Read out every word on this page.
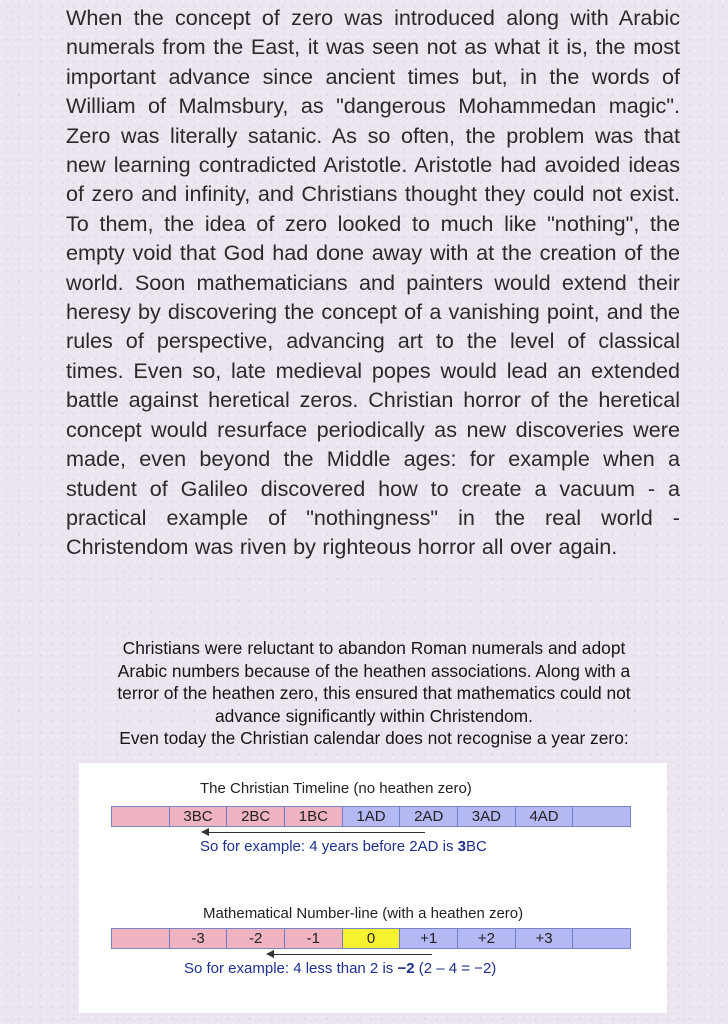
When the concept of zero was introduced along with Arabic numerals from the East, it was seen not as what it is, the most important advance since ancient times but, in the words of William of Malmsbury, as "dangerous Mohammedan magic". Zero was literally satanic. As so often, the problem was that new learning contradicted Aristotle. Aristotle had avoided ideas of zero and infinity, and Christians thought they could not exist. To them, the idea of zero looked to much like "nothing", the empty void that God had done away with at the creation of the world. Soon mathematicians and painters would extend their heresy by discovering the concept of a vanishing point, and the rules of perspective, advancing art to the level of classical times. Even so, late medieval popes would lead an extended battle against heretical zeros. Christian horror of the heretical concept would resurface periodically as new discoveries were made, even beyond the Middle ages: for example when a student of Galileo discovered how to create a vacuum - a practical example of "nothingness" in the real world - Christendom was riven by righteous horror all over again.

Christians were reluctant to abandon Roman numerals and adopt
Arabic numbers because of the heathen associations. Along with a
terror of the heathen zero, this ensured that mathematics could not
advance significantly within Christendom.
Even today the Christian calendar does not recognise a year zero:
The Christian Timeline (no heathen zero)
3BC	2BC	1BC	1AD	2AD	3AD	4AD
So for example: 4 years before 2AD is 3BC
Mathematical Number-line (with a heathen zero)
-3	-2	-1	0	+1	+2	+3
So for example: 4 less than 2 is −2 (2 – 4 = −2)
